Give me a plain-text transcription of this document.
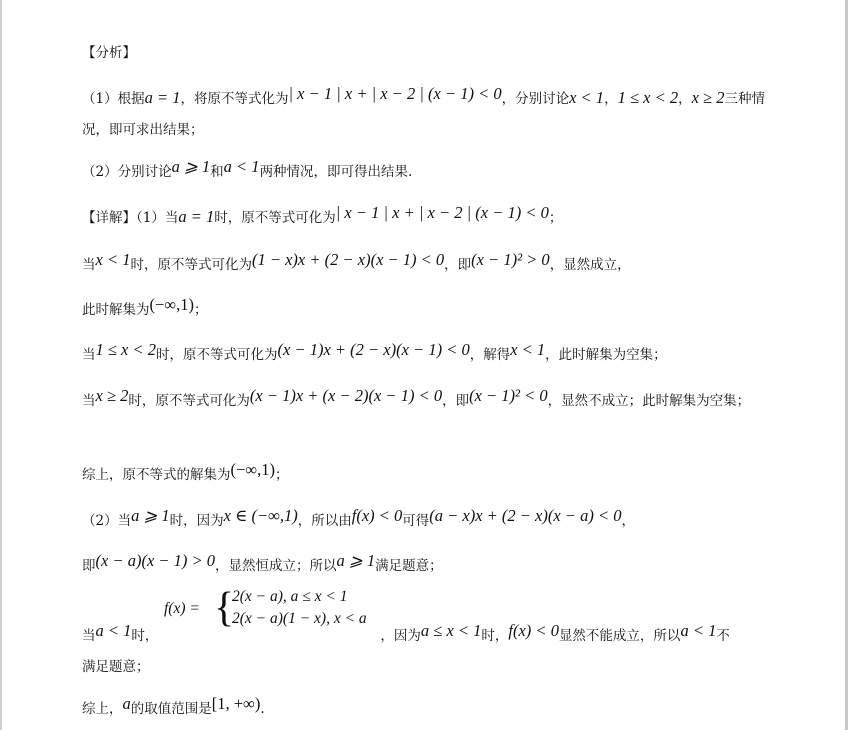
【分析】
（1）根据a = 1，将原不等式化为| x − 1 | x + | x − 2 | (x − 1) < 0，分别讨论x < 1，1 ≤ x < 2，x ≥ 2三种情
况，即可求出结果；
（2）分别讨论a ⩾ 1和a < 1两种情况，即可得出结果.
【详解】（1）当a = 1时，原不等式可化为| x − 1 | x + | x − 2 | (x − 1) < 0；
当x < 1时，原不等式可化为(1 − x)x + (2 − x)(x − 1) < 0，即(x − 1)² > 0，显然成立，
此时解集为(−∞,1)；
当1 ≤ x < 2时，原不等式可化为(x − 1)x + (2 − x)(x − 1) < 0，解得x < 1，此时解集为空集；
当x ≥ 2时，原不等式可化为(x − 1)x + (x − 2)(x − 1) < 0，即(x − 1)² < 0，显然不成立；此时解集为空集；
综上，原不等式的解集为(−∞,1)；
（2）当a ⩾ 1时，因为x ∈ (−∞,1)，所以由f(x) < 0可得(a − x)x + (2 − x)(x − a) < 0，
即(x − a)(x − 1) > 0，显然恒成立；所以a ⩾ 1满足题意；
f(x) = {
2(x − a), a ≤ x < 1
2(x − a)(1 − x), x < a
当a < 1时，	，因为a ≤ x < 1时，f(x) < 0显然不能成立，所以a < 1不
满足题意；
综上，a的取值范围是[1, +∞).
